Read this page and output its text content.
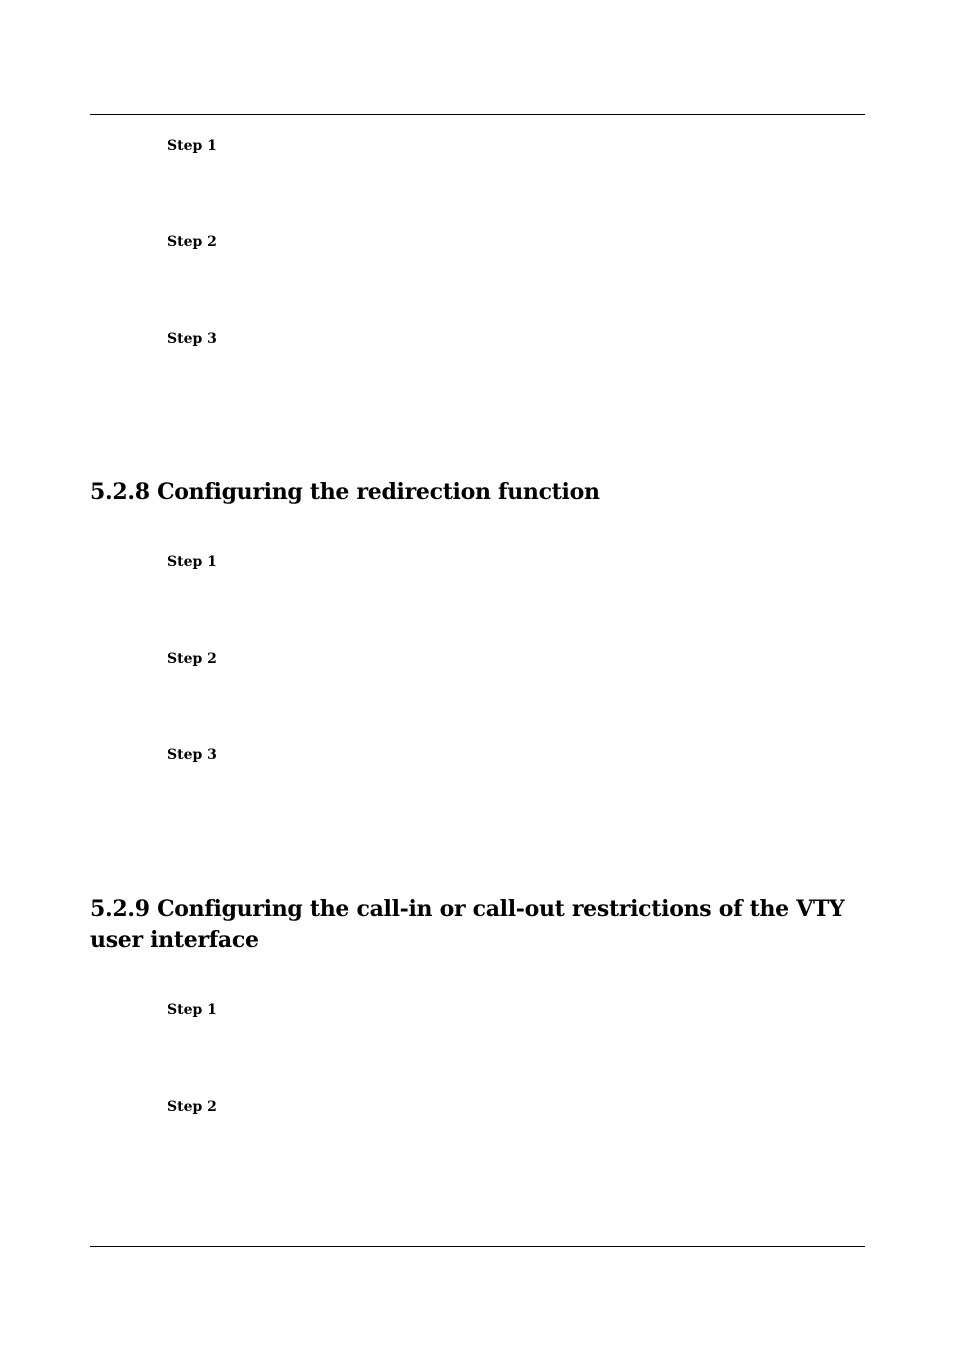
Step 1
Step 2
Step 3
5.2.8 Configuring the redirection function
Step 1
Step 2
Step 3
5.2.9 Configuring the call-in or call-out restrictions of the VTY
user interface
Step 1
Step 2
